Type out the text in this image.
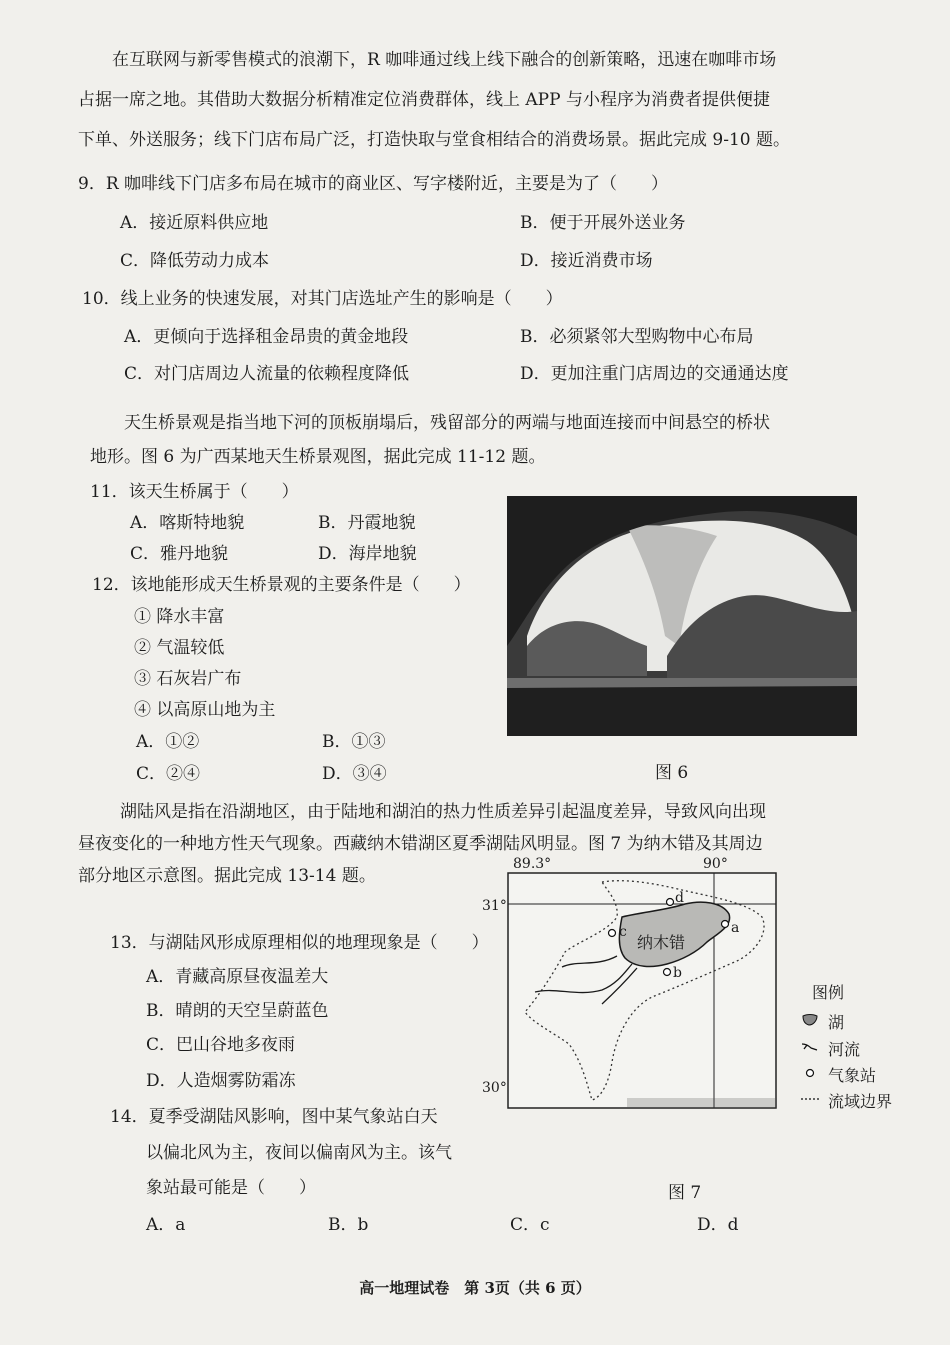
在互联网与新零售模式的浪潮下，R 咖啡通过线上线下融合的创新策略，迅速在咖啡市场
占据一席之地。其借助大数据分析精准定位消费群体，线上 APP 与小程序为消费者提供便捷
下单、外送服务；线下门店布局广泛，打造快取与堂食相结合的消费场景。据此完成 9-10 题。
9．R 咖啡线下门店多布局在城市的商业区、写字楼附近，主要是为了（　　）
A．接近原料供应地	B．便于开展外送业务
C．降低劳动力成本	D．接近消费市场
10．线上业务的快速发展，对其门店选址产生的影响是（　　）
A．更倾向于选择租金昂贵的黄金地段	B．必须紧邻大型购物中心布局
C．对门店周边人流量的依赖程度降低	D．更加注重门店周边的交通通达度
天生桥景观是指当地下河的顶板崩塌后，残留部分的两端与地面连接而中间悬空的桥状
地形。图 6 为广西某地天生桥景观图，据此完成 11-12 题。
11．该天生桥属于（　　）
A．喀斯特地貌	B．丹霞地貌
C．雅丹地貌	D．海岸地貌
12．该地能形成天生桥景观的主要条件是（　　）
① 降水丰富
② 气温较低
③ 石灰岩广布
④ 以高原山地为主
A．①②	B．①③
C．②④	D．③④	图 6
湖陆风是指在沿湖地区，由于陆地和湖泊的热力性质差异引起温度差异，导致风向出现
昼夜变化的一种地方性天气现象。西藏纳木错湖区夏季湖陆风明显。图 7 为纳木错及其周边
部分地区示意图。据此完成 13-14 题。
13．与湖陆风形成原理相似的地理现象是（　　）
A．青藏高原昼夜温差大
B．晴朗的天空呈蔚蓝色
C．巴山谷地多夜雨
D．人造烟雾防霜冻
14．夏季受湖陆风影响，图中某气象站白天
以偏北风为主，夜间以偏南风为主。该气
象站最可能是（　　）
A．a	B．b	C．c	D．d
89.3°	90°
31°
30°
纳木错
d
a
c
b
图例
湖
河流
气象站
流域边界
图 7
高一地理试卷　第 3页（共 6 页）
